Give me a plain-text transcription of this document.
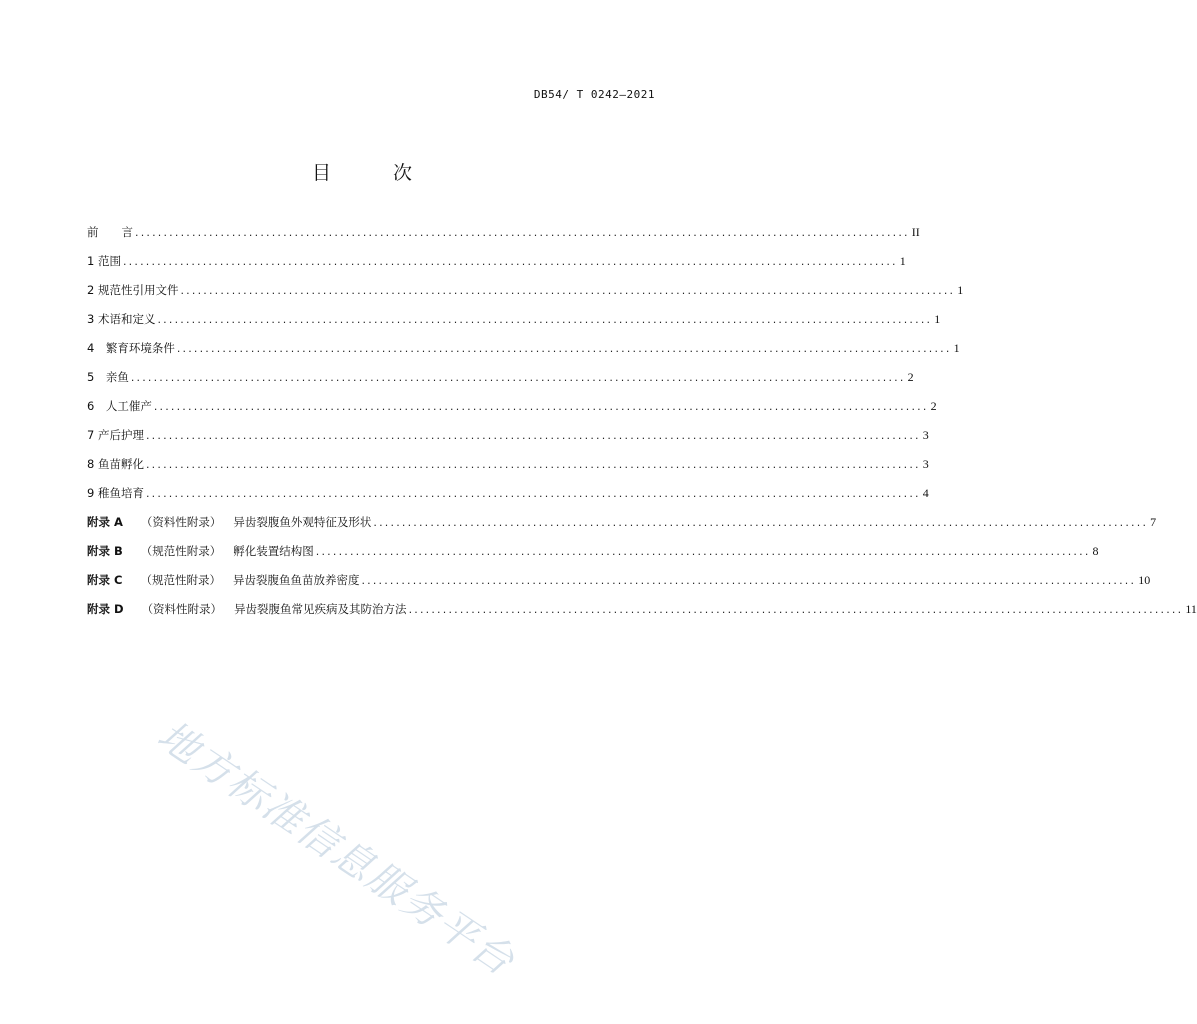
DB54/ T 0242—2021
目 次
前　　言 ........................................................................................................................................ II
1 范围 ........................................................................................................................................ 1
2 规范性引用文件 ........................................................................................................................................ 1
3 术语和定义 ........................................................................................................................................ 1
4　繁育环境条件 ........................................................................................................................................ 1
5　亲鱼 ........................................................................................................................................ 2
6　人工催产 ........................................................................................................................................ 2
7 产后护理 ........................................................................................................................................ 3
8 鱼苗孵化 ........................................................................................................................................ 3
9 稚鱼培育 ........................................................................................................................................ 4
附录 A （资料性附录） 异齿裂腹鱼外观特征及形状 ........................................................................................................................................ 7
附录 B （规范性附录） 孵化装置结构图 ........................................................................................................................................ 8
附录 C （规范性附录） 异齿裂腹鱼鱼苗放养密度 ........................................................................................................................................ 10
附录 D （资料性附录） 异齿裂腹鱼常见疾病及其防治方法 ........................................................................................................................................ 11
地方标准信息服务平台
